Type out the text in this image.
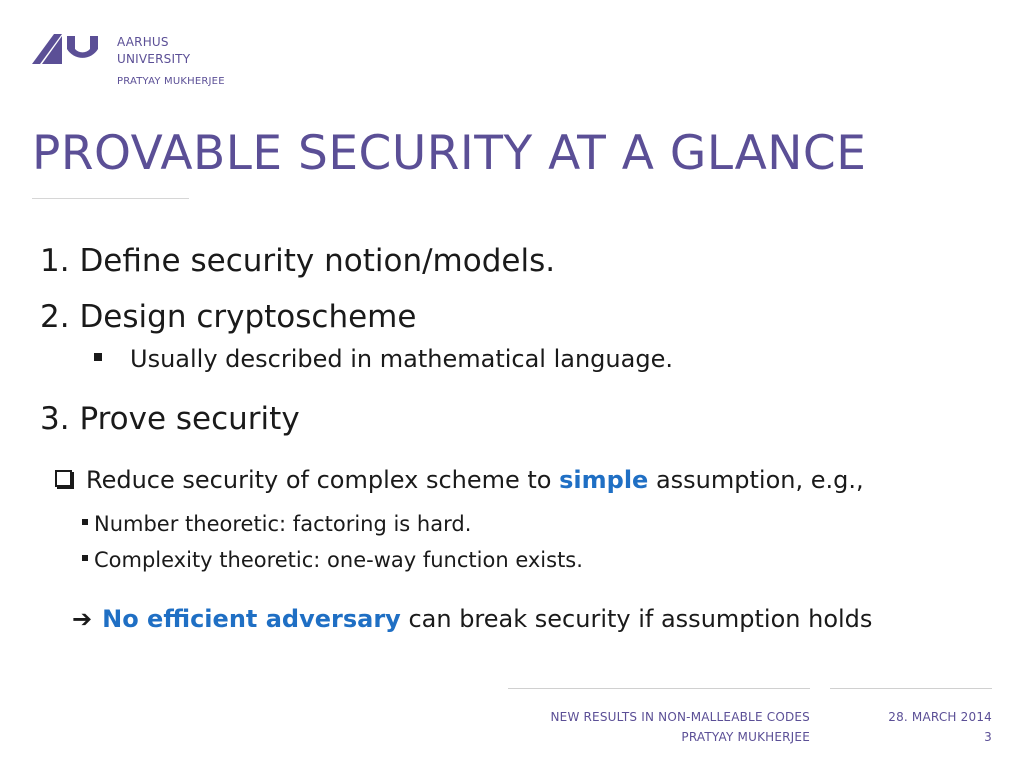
AARHUS
UNIVERSITY
PRATYAY MUKHERJEE
PROVABLE SECURITY AT A GLANCE
1. Define security notion/models.
2. Design cryptoscheme
Usually described in mathematical language.
3. Prove security
Reduce security of complex scheme to simple assumption, e.g.,
Number theoretic: factoring is hard.
Complexity theoretic: one-way function exists.
➔ No efficient adversary can break security if assumption holds
NEW RESULTS IN NON-MALLEABLE CODES
PRATYAY MUKHERJEE
28. MARCH 2014
3
